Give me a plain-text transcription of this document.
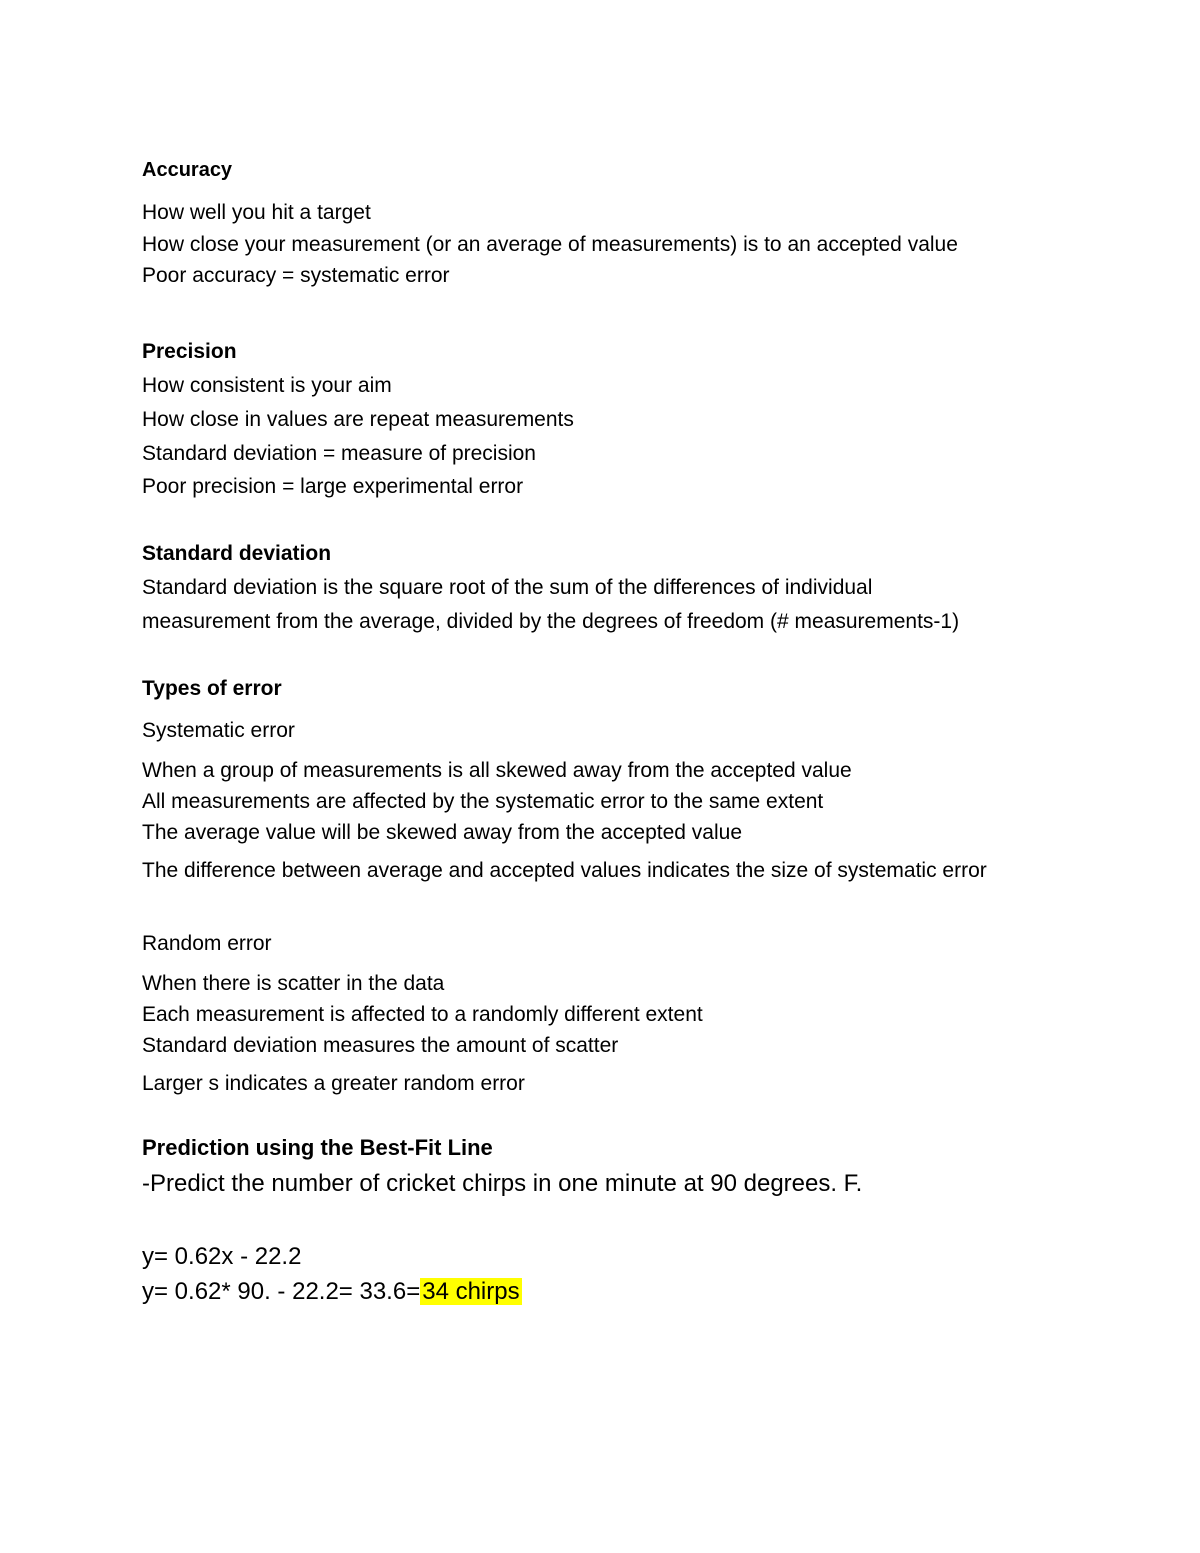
Accuracy
How well you hit a target
How close your measurement (or an average of measurements) is to an accepted value
Poor accuracy = systematic error
Precision
How consistent is your aim
How close in values are repeat measurements
Standard deviation = measure of precision
Poor precision = large experimental error
Standard deviation
Standard deviation is the square root of the sum of the differences of individual
measurement from the average, divided by the degrees of freedom (# measurements-1)
Types of error
Systematic error
When a group of measurements is all skewed away from the accepted value
All measurements are affected by the systematic error to the same extent
The average value will be skewed away from the accepted value
The difference between average and accepted values indicates the size of systematic error
Random error
When there is scatter in the data
Each measurement is affected to a randomly different extent
Standard deviation measures the amount of scatter
Larger s indicates a greater random error
Prediction using the Best-Fit Line
-Predict the number of cricket chirps in one minute at 90 degrees. F.
y= 0.62x - 22.2
y= 0.62* 90. - 22.2= 33.6=34 chirps
